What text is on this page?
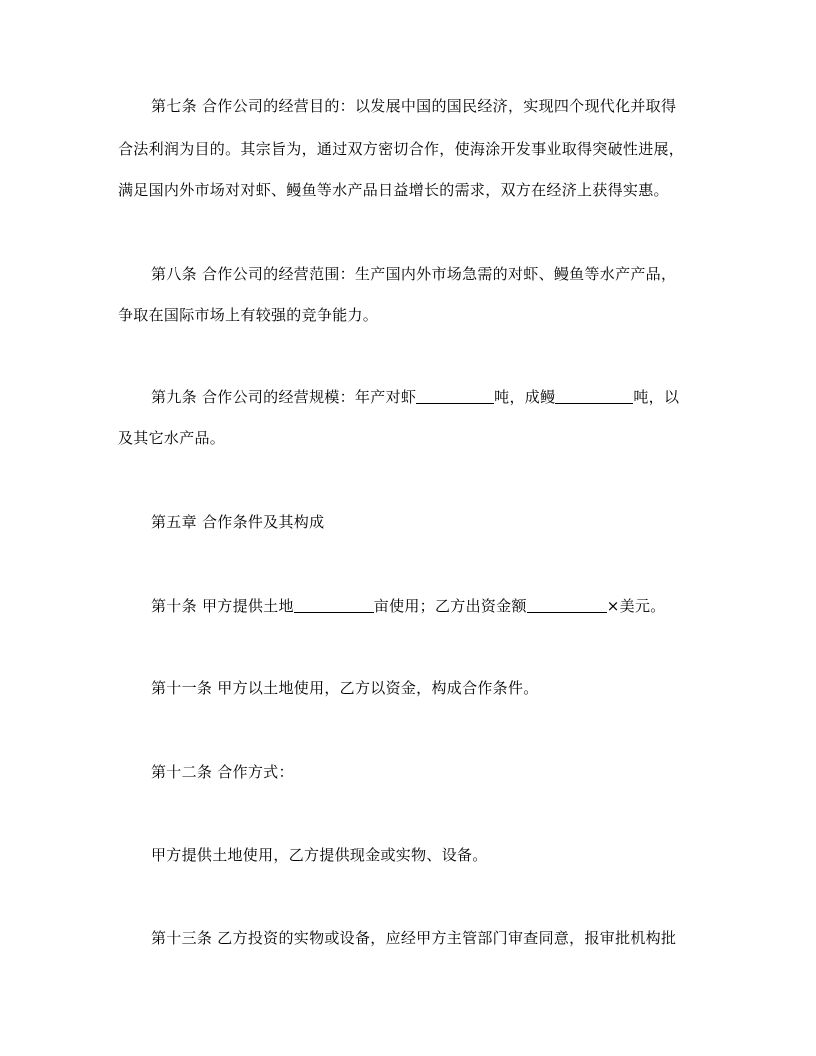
第七条 合作公司的经营目的：以发展中国的国民经济，实现四个现代化并取得
合法利润为目的。其宗旨为，通过双方密切合作，使海涂开发事业取得突破性进展，
满足国内外市场对对虾、鳗鱼等水产品日益增长的需求，双方在经济上获得实惠。
第八条 合作公司的经营范围：生产国内外市场急需的对虾、鳗鱼等水产产品，
争取在国际市场上有较强的竞争能力。
第九条 合作公司的经营规模：年产对虾	吨，成鳗	吨，以
及其它水产品。
第五章 合作条件及其构成
第十条 甲方提供土地	亩使用；乙方出资金额	×美元。
第十一条 甲方以土地使用，乙方以资金，构成合作条件。
第十二条 合作方式：
甲方提供土地使用，乙方提供现金或实物、设备。
第十三条 乙方投资的实物或设备，应经甲方主管部门审查同意，报审批机构批
